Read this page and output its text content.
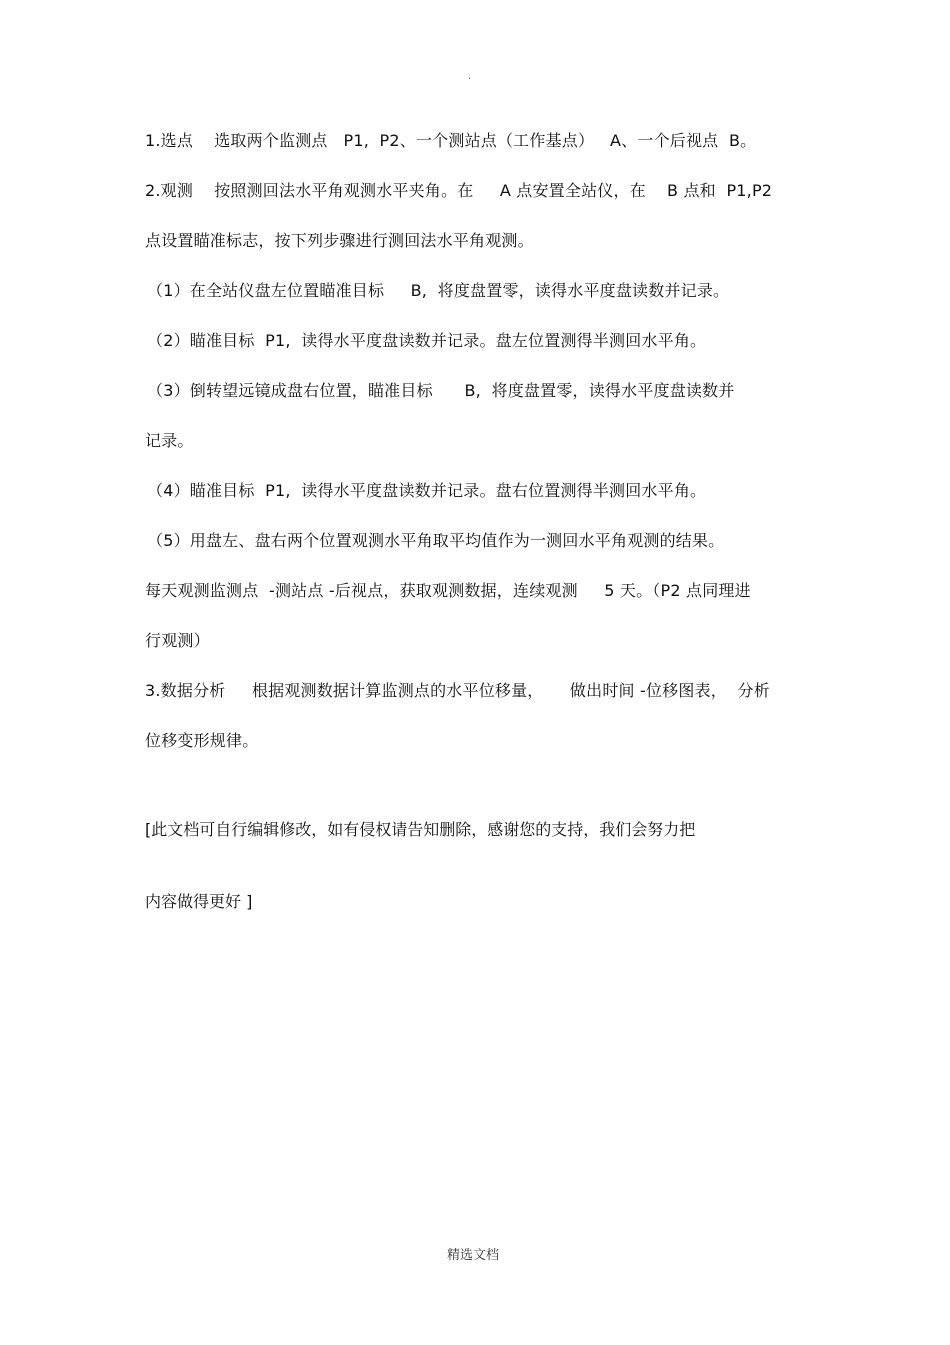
.
1.选点    选取两个监测点   P1,  P2、一个测站点（工作基点）   A、一个后视点  B。
2.观测    按照测回法水平角观测水平夹角。在     A 点安置全站仪，在    B 点和  P1,P2
点设置瞄准标志，按下列步骤进行测回法水平角观测。
（1）在全站仪盘左位置瞄准目标     B,  将度盘置零，读得水平度盘读数并记录。
（2）瞄准目标  P1,  读得水平度盘读数并记录。盘左位置测得半测回水平角。
（3）倒转望远镜成盘右位置，瞄准目标      B,  将度盘置零，读得水平度盘读数并
记录。
（4）瞄准目标  P1,  读得水平度盘读数并记录。盘右位置测得半测回水平角。
（5）用盘左、盘右两个位置观测水平角取平均值作为一测回水平角观测的结果。
每天观测监测点  -测站点 -后视点，获取观测数据，连续观测     5 天。（P2 点同理进
行观测）
3.数据分析     根据观测数据计算监测点的水平位移量，     做出时间 -位移图表，  分析
位移变形规律。

[此文档可自行编辑修改，如有侵权请告知删除，感谢您的支持，我们会努力把

内容做得更好 ]

精选文档
